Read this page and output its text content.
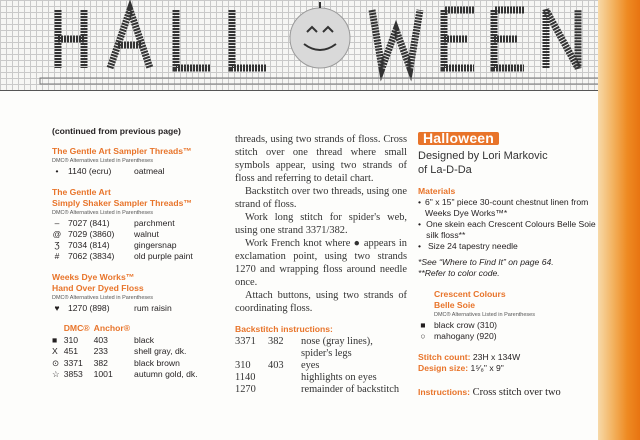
(continued from previous page)
The Gentle Art Sampler Threads™
DMC® Alternatives Listed in Parentheses
•	1140 (ecru)	oatmeal
The Gentle Art
Simply Shaker Sampler Threads™
DMC® Alternatives Listed in Parentheses
–	7027 (841)	parchment
@ 7029 (3860)	walnut
Ʒ 7034 (814)	gingersnap
#	7062 (3834)	old purple paint
Weeks Dye Works™
Hand Over Dyed Floss
DMC® Alternatives Listed in Parentheses
♥ 1270 (898)	rum raisin
	DMC®	Anchor®	
■	310	403	black
X	451	233	shell gray, dk.
⊙	3371	382	black brown
☆	3853	1001	autumn gold, dk.

threads, using two strands of floss. Cross stitch over one thread where small symbols appear, using two strands of floss and referring to detail chart.

Backstitch over two threads, using one strand of floss.

Work long stitch for spider's web, using one strand 3371/382.

Work French knot where ● appears in exclamation point, using two strands 1270 and wrapping floss around needle once.

Attach buttons, using two strands of coordinating floss.

Backstitch instructions:
3371	382	nose (gray lines), spider's legs
310	403	eyes
1140		highlights on eyes
1270		remainder of backstitch
Halloween
Designed by Lori Markovic
of La-D-Da
Materials
• 6" x 15" piece 30-count chestnut linen from Weeks Dye Works™*
• One skein each Crescent Colours Belle Soie silk floss**
• Size 24 tapestry needle
*See “Where to Find It” on page 64.
**Refer to color code.
Crescent Colours
Belle Soie
DMC® Alternatives Listed in Parentheses
■ black crow (310)
○ mahogany (920)
Stitch count: 23H x 134W
Design size: 1⁵⁄₈" x 9"
Instructions: Cross stitch over two
